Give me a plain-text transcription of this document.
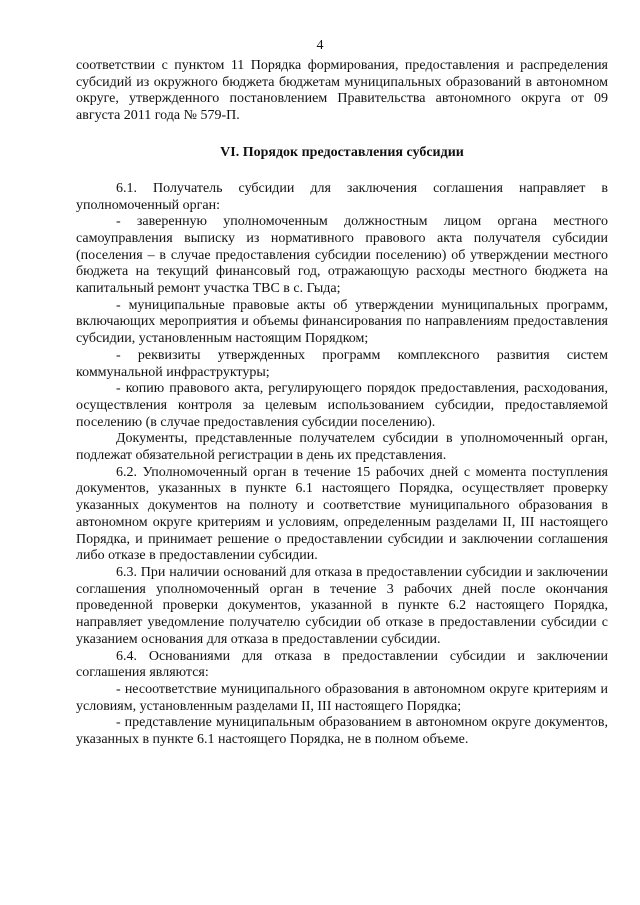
4

соответствии с пунктом 11 Порядка формирования, предоставления и распределения субсидий из окружного бюджета бюджетам муниципальных образований в автономном округе, утвержденного постановлением Правительства автономного округа от 09 августа 2011 года № 579-П.

VI. Порядок предоставления субсидии

6.1. Получатель субсидии для заключения соглашения направляет в уполномоченный орган:

- заверенную уполномоченным должностным лицом органа местного самоуправления выписку из нормативного правового акта получателя субсидии (поселения – в случае предоставления субсидии поселению) об утверждении местного бюджета на текущий финансовый год, отражающую расходы местного бюджета на капитальный ремонт участка ТВС в с. Гыда;

- муниципальные правовые акты об утверждении муниципальных программ, включающих мероприятия и объемы финансирования по направлениям предоставления субсидии, установленным настоящим Порядком;

- реквизиты утвержденных программ комплексного развития систем коммунальной инфраструктуры;

- копию правового акта, регулирующего порядок предоставления, расходования, осуществления контроля за целевым использованием субсидии, предоставляемой поселению (в случае предоставления субсидии поселению).

Документы, представленные получателем субсидии в уполномоченный орган, подлежат обязательной регистрации в день их представления.

6.2. Уполномоченный орган в течение 15 рабочих дней с момента поступления документов, указанных в пункте 6.1 настоящего Порядка, осуществляет проверку указанных документов на полноту и соответствие муниципального образования в автономном округе критериям и условиям, определенным разделами II, III настоящего Порядка, и принимает решение о предоставлении субсидии и заключении соглашения либо отказе в предоставлении субсидии.

6.3. При наличии оснований для отказа в предоставлении субсидии и заключении соглашения уполномоченный орган в течение 3 рабочих дней после окончания проведенной проверки документов, указанной в пункте 6.2 настоящего Порядка, направляет уведомление получателю субсидии об отказе в предоставлении субсидии с указанием основания для отказа в предоставлении субсидии.

6.4. Основаниями для отказа в предоставлении субсидии и заключении соглашения являются:

- несоответствие муниципального образования в автономном округе критериям и условиям, установленным разделами II, III настоящего Порядка;

- представление муниципальным образованием в автономном округе документов, указанных в пункте 6.1 настоящего Порядка, не в полном объеме.
